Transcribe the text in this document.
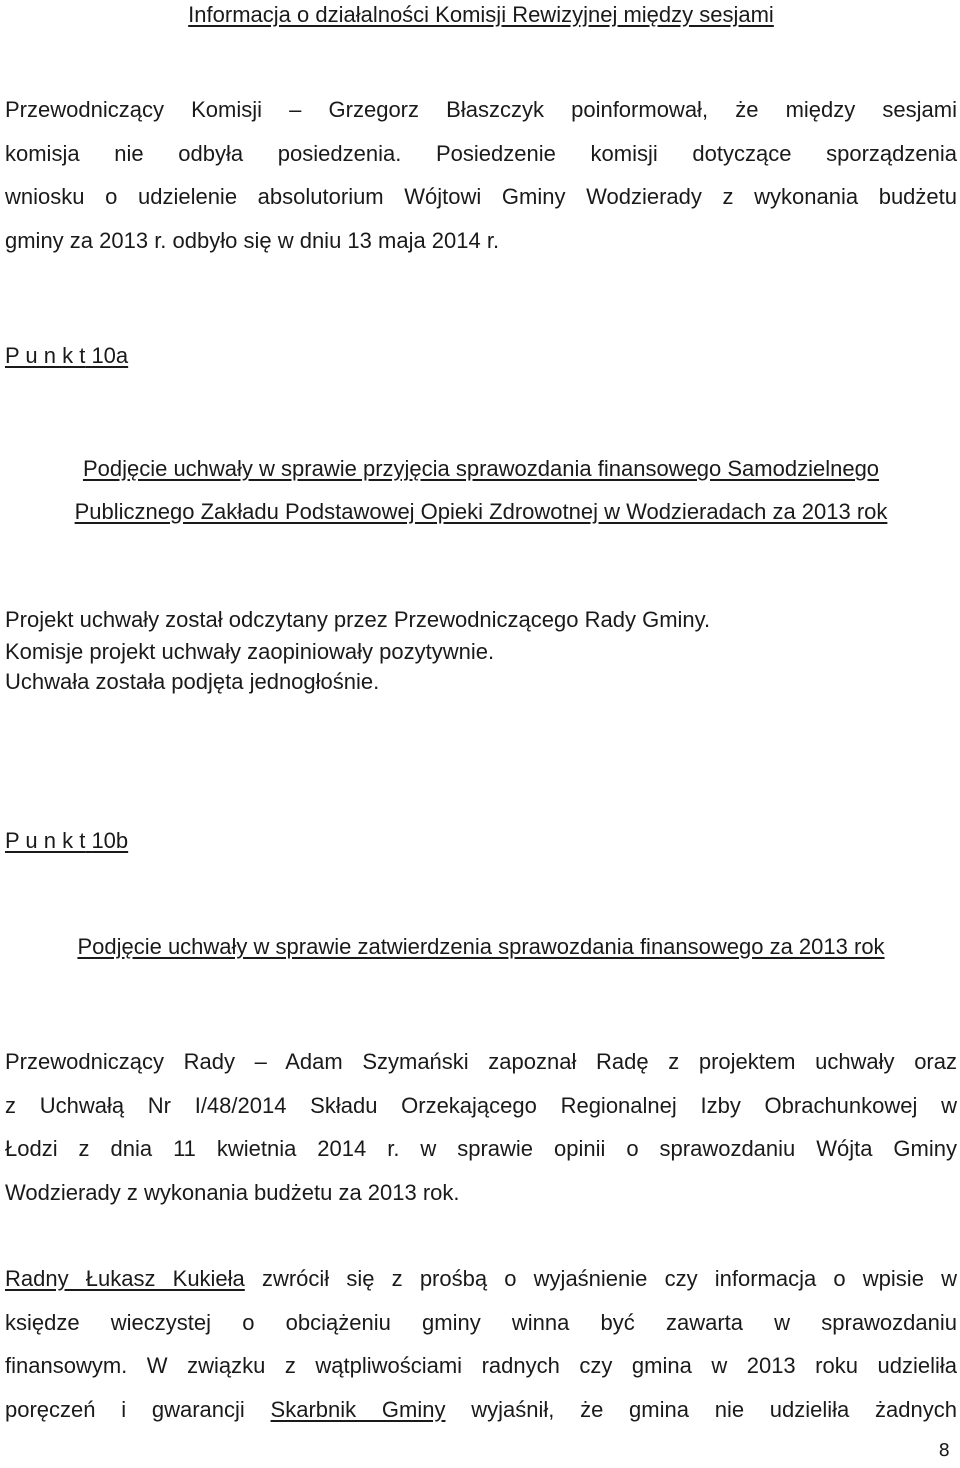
Informacja o działalności Komisji Rewizyjnej między sesjami
Przewodniczący Komisji – Grzegorz Błaszczyk poinformował, że między sesjami
komisja nie odbyła posiedzenia. Posiedzenie komisji dotyczące sporządzenia
wniosku o udzielenie absolutorium Wójtowi Gminy Wodzierady z wykonania budżetu
gminy za 2013 r. odbyło się w dniu 13 maja 2014 r.
P u n k t 10a
Podjęcie uchwały w sprawie przyjęcia sprawozdania finansowego Samodzielnego
Publicznego Zakładu Podstawowej Opieki Zdrowotnej w Wodzieradach za 2013 rok
Projekt uchwały został odczytany przez Przewodniczącego Rady Gminy.
Komisje projekt uchwały zaopiniowały pozytywnie.
Uchwała została podjęta jednogłośnie.
P u n k t 10b
Podjęcie uchwały w sprawie zatwierdzenia sprawozdania finansowego za 2013 rok
Przewodniczący Rady – Adam Szymański zapoznał Radę z projektem uchwały oraz
z Uchwałą Nr I/48/2014 Składu Orzekającego Regionalnej Izby Obrachunkowej w
Łodzi z dnia 11 kwietnia 2014 r. w sprawie opinii o sprawozdaniu Wójta Gminy
Wodzierady z wykonania budżetu za 2013 rok.
Radny Łukasz Kukieła zwrócił się z prośbą o wyjaśnienie czy informacja o wpisie w
księdze wieczystej o obciążeniu gminy winna być zawarta w sprawozdaniu
finansowym. W związku z wątpliwościami radnych czy gmina w 2013 roku udzieliła
poręczeń i gwarancji Skarbnik Gminy wyjaśnił, że gmina nie udzieliła żadnych
8
